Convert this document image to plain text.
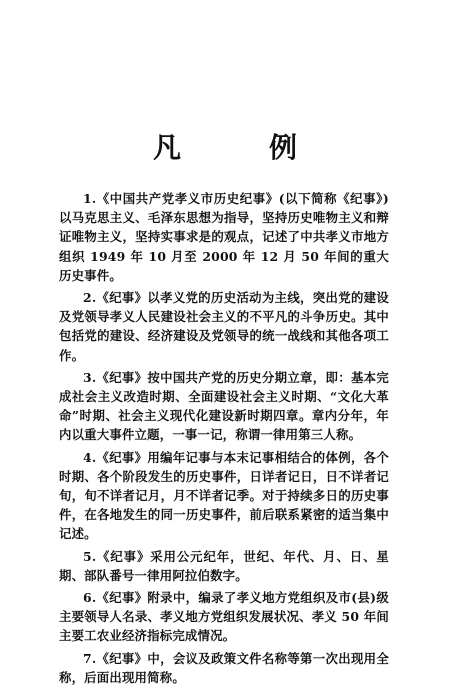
凡　例

1.《中国共产党孝义市历史纪事》(以下简称《纪事》)以马克思主义、毛泽东思想为指导，坚持历史唯物主义和辩证唯物主义，坚持实事求是的观点，记述了中共孝义市地方组织 1949 年 10 月至 2000 年 12 月 50 年间的重大历史事件。

2.《纪事》以孝义党的历史活动为主线，突出党的建设及党领导孝义人民建设社会主义的不平凡的斗争历史。其中包括党的建设、经济建设及党领导的统一战线和其他各项工作。

3.《纪事》按中国共产党的历史分期立章，即：基本完成社会主义改造时期、全面建设社会主义时期、“文化大革命”时期、社会主义现代化建设新时期四章。章内分年，年内以重大事件立题，一事一记，称谓一律用第三人称。

4.《纪事》用编年记事与本末记事相结合的体例，各个时期、各个阶段发生的历史事件，日详者记日，日不详者记旬，旬不详者记月，月不详者记季。对于持续多日的历史事件，在各地发生的同一历史事件，前后联系紧密的适当集中记述。

5.《纪事》采用公元纪年，世纪、年代、月、日、星期、部队番号一律用阿拉伯数字。

6.《纪事》附录中，编录了孝义地方党组织及市(县)级主要领导人名录、孝义地方党组织发展状况、孝义 50 年间主要工农业经济指标完成情况。

7.《纪事》中，会议及政策文件名称等第一次出现用全称，后面出现用简称。
